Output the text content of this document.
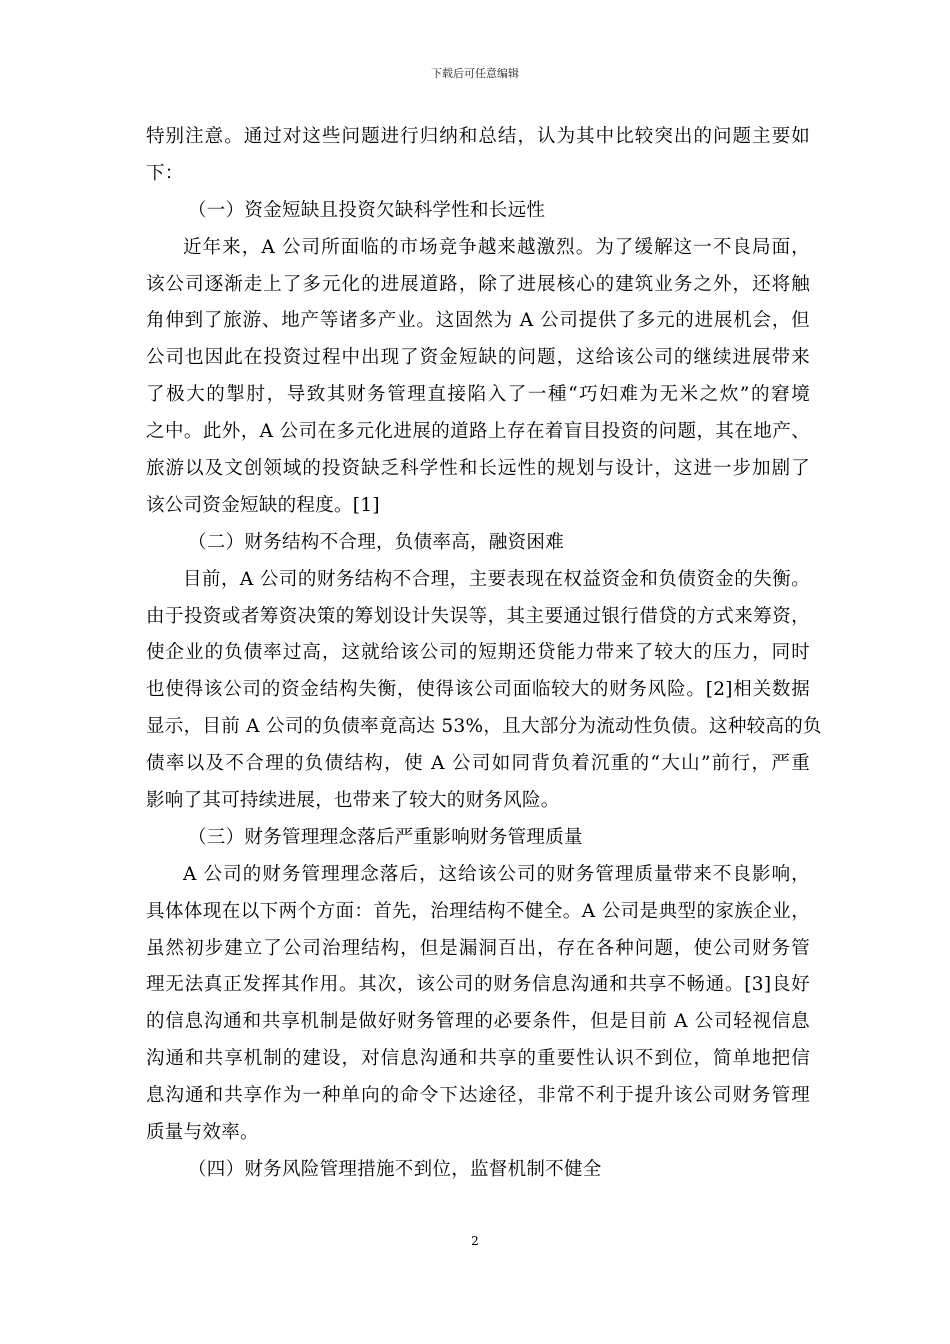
下载后可任意编辑
特别注意。通过对这些问题进行归纳和总结，认为其中比较突出的问题主要如
下：
（一）资金短缺且投资欠缺科学性和长远性
近年来，A 公司所面临的市场竞争越来越激烈。为了缓解这一不良局面，
该公司逐渐走上了多元化的进展道路，除了进展核心的建筑业务之外，还将触
角伸到了旅游、地产等诸多产业。这固然为 A 公司提供了多元的进展机会，但
公司也因此在投资过程中出现了资金短缺的问题，这给该公司的继续进展带来
了极大的掣肘，导致其财务管理直接陷入了一種“巧妇难为无米之炊”的窘境
之中。此外，A 公司在多元化进展的道路上存在着盲目投资的问题，其在地产、
旅游以及文创领域的投资缺乏科学性和长远性的规划与设计，这进一步加剧了
该公司资金短缺的程度。[1]
（二）财务结构不合理，负债率高，融资困难
目前，A 公司的财务结构不合理，主要表现在权益资金和负债资金的失衡。
由于投资或者筹资决策的筹划设计失误等，其主要通过银行借贷的方式来筹资，
使企业的负债率过高，这就给该公司的短期还贷能力带来了较大的压力，同时
也使得该公司的资金结构失衡，使得该公司面临较大的财务风险。[2]相关数据
显示，目前 A 公司的负债率竟高达 53%，且大部分为流动性负债。这种较高的负
债率以及不合理的负债结构，使 A 公司如同背负着沉重的“大山”前行，严重
影响了其可持续进展，也带来了较大的财务风险。
（三）财务管理理念落后严重影响财务管理质量
A 公司的财务管理理念落后，这给该公司的财务管理质量带来不良影响，
具体体现在以下两个方面：首先，治理结构不健全。A 公司是典型的家族企业，
虽然初步建立了公司治理结构，但是漏洞百出，存在各种问题，使公司财务管
理无法真正发挥其作用。其次，该公司的财务信息沟通和共享不畅通。[3]良好
的信息沟通和共享机制是做好财务管理的必要条件，但是目前 A 公司轻视信息
沟通和共享机制的建设，对信息沟通和共享的重要性认识不到位，简单地把信
息沟通和共享作为一种单向的命令下达途径，非常不利于提升该公司财务管理
质量与效率。
（四）财务风险管理措施不到位，监督机制不健全
2
